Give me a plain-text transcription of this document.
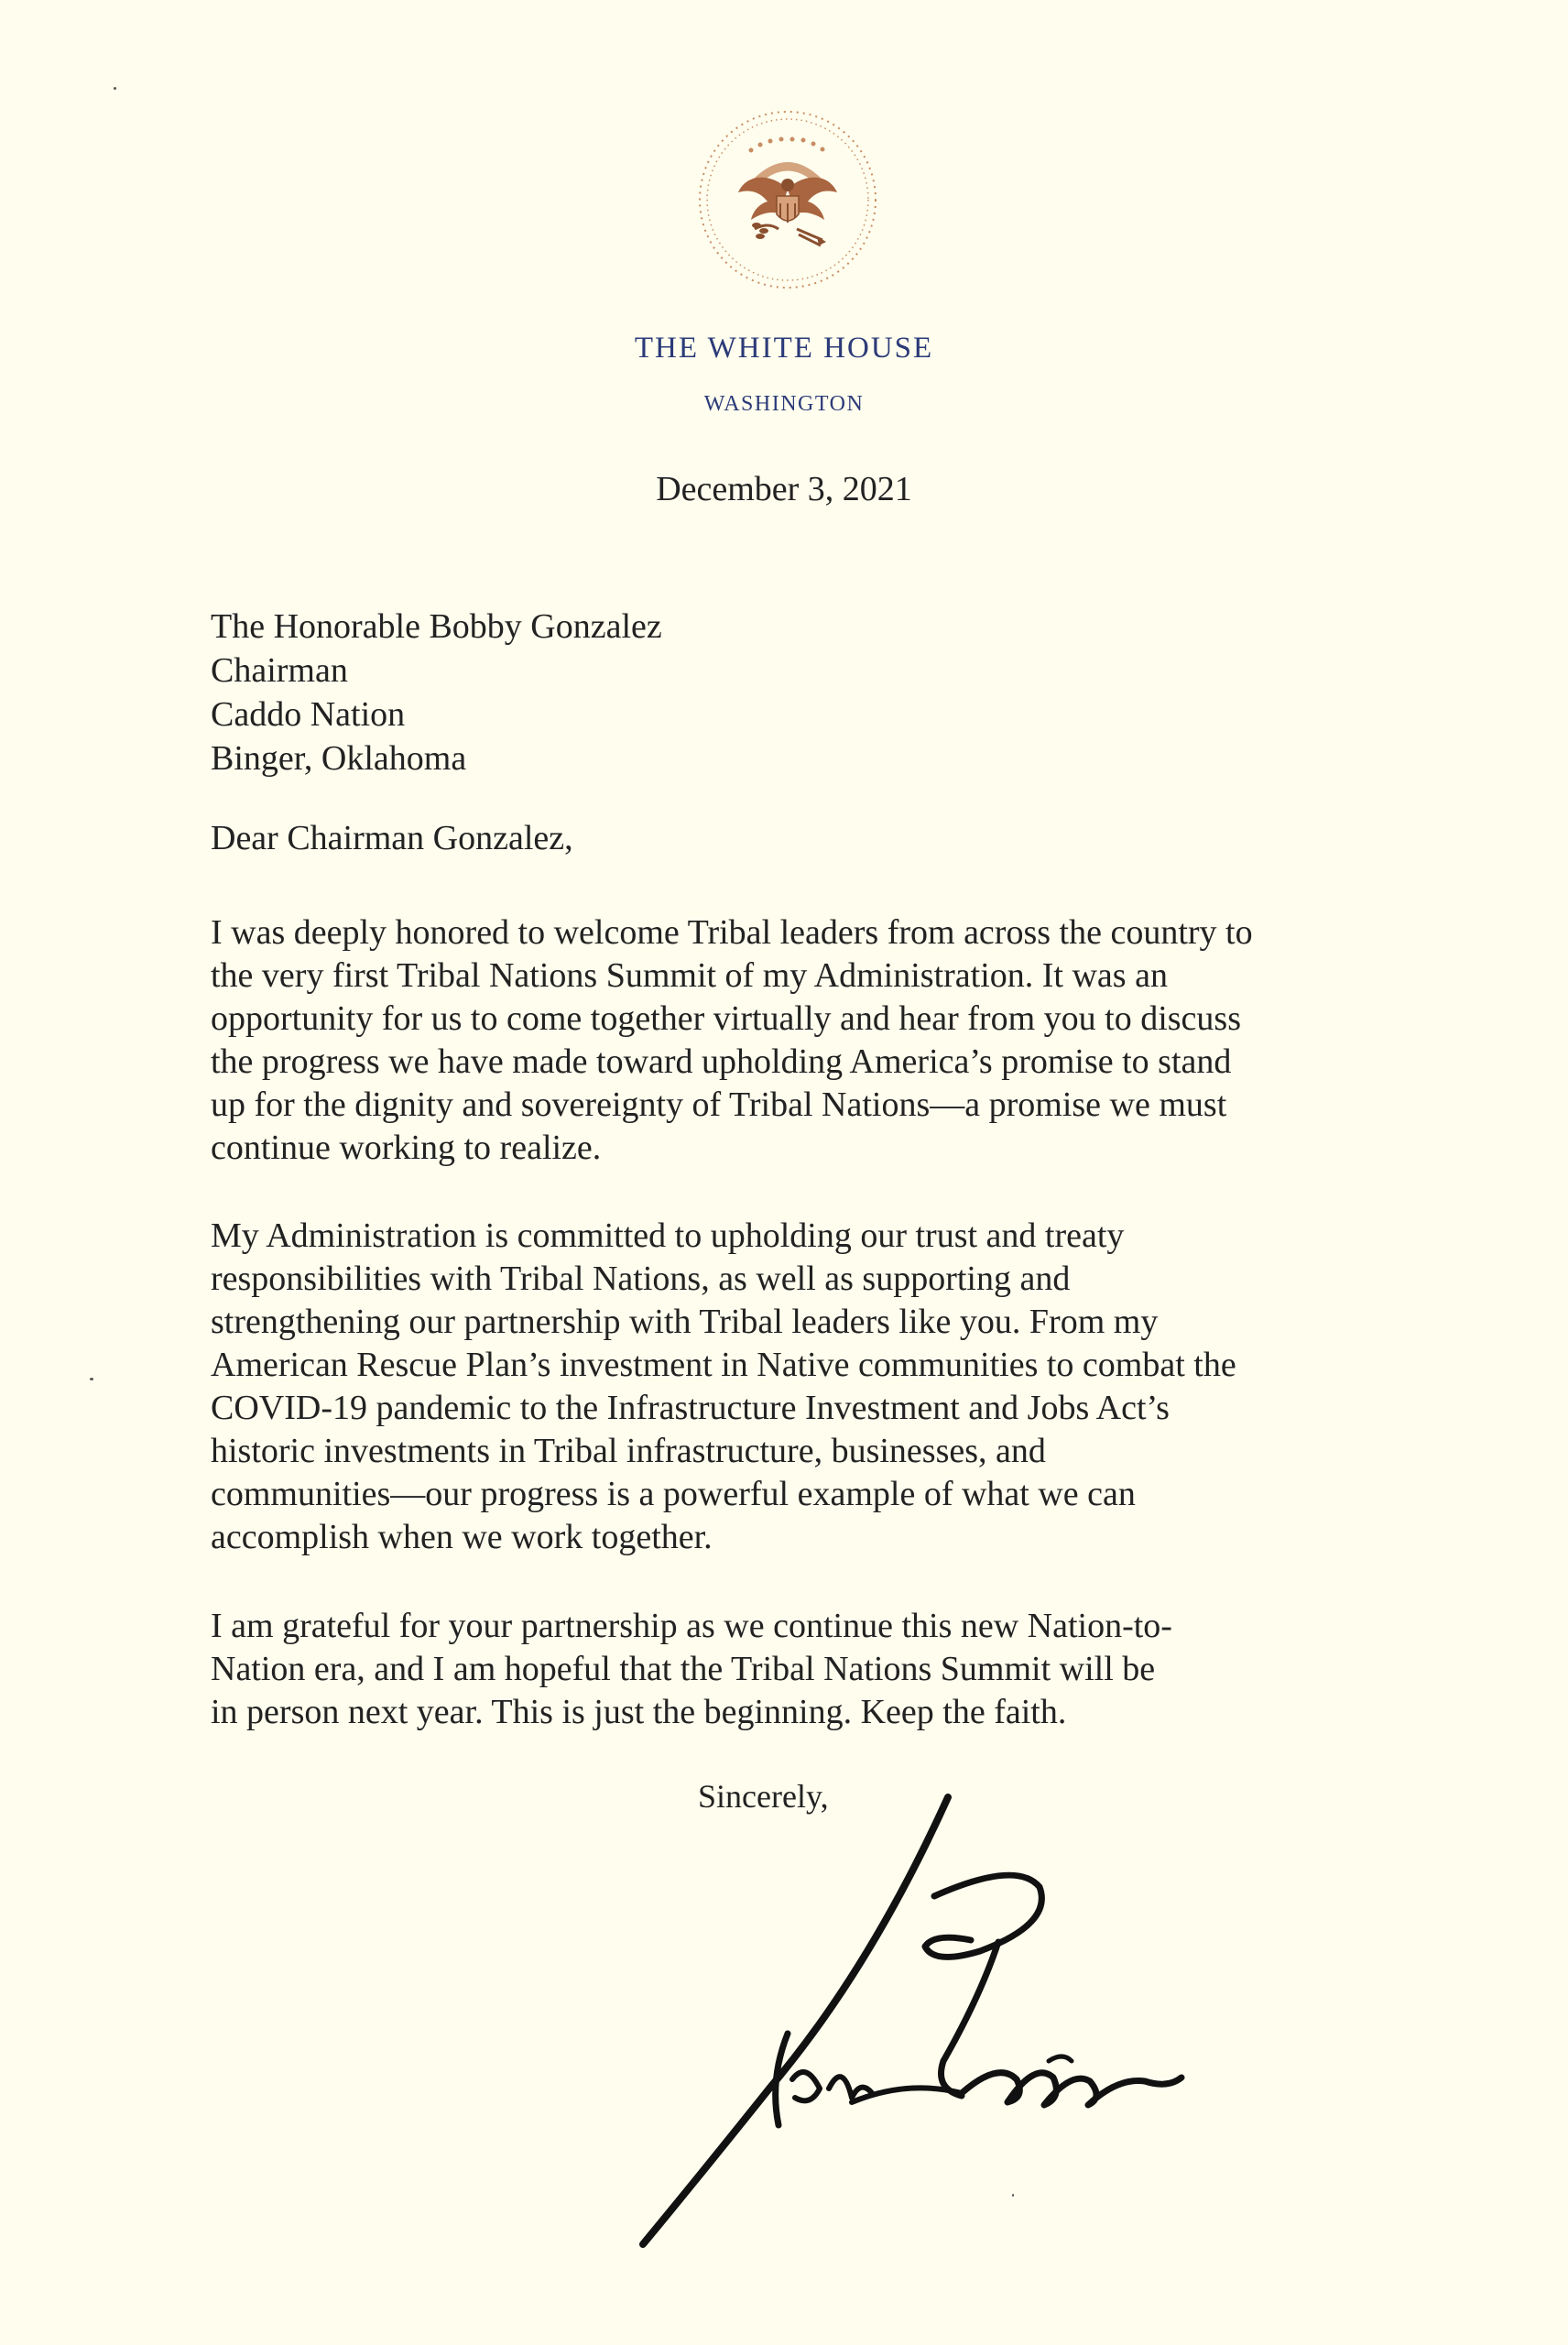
THE WHITE HOUSE
WASHINGTON
December 3, 2021
The Honorable Bobby Gonzalez
Chairman
Caddo Nation
Binger, Oklahoma
Dear Chairman Gonzalez,
I was deeply honored to welcome Tribal leaders from across the country to
the very first Tribal Nations Summit of my Administration. It was an
opportunity for us to come together virtually and hear from you to discuss
the progress we have made toward upholding America’s promise to stand
up for the dignity and sovereignty of Tribal Nations—a promise we must
continue working to realize.
My Administration is committed to upholding our trust and treaty
responsibilities with Tribal Nations, as well as supporting and
strengthening our partnership with Tribal leaders like you. From my
American Rescue Plan’s investment in Native communities to combat the
COVID-19 pandemic to the Infrastructure Investment and Jobs Act’s
historic investments in Tribal infrastructure, businesses, and
communities—our progress is a powerful example of what we can
accomplish when we work together.
I am grateful for your partnership as we continue this new Nation-to-
Nation era, and I am hopeful that the Tribal Nations Summit will be
in person next year. This is just the beginning. Keep the faith.
Sincerely,
